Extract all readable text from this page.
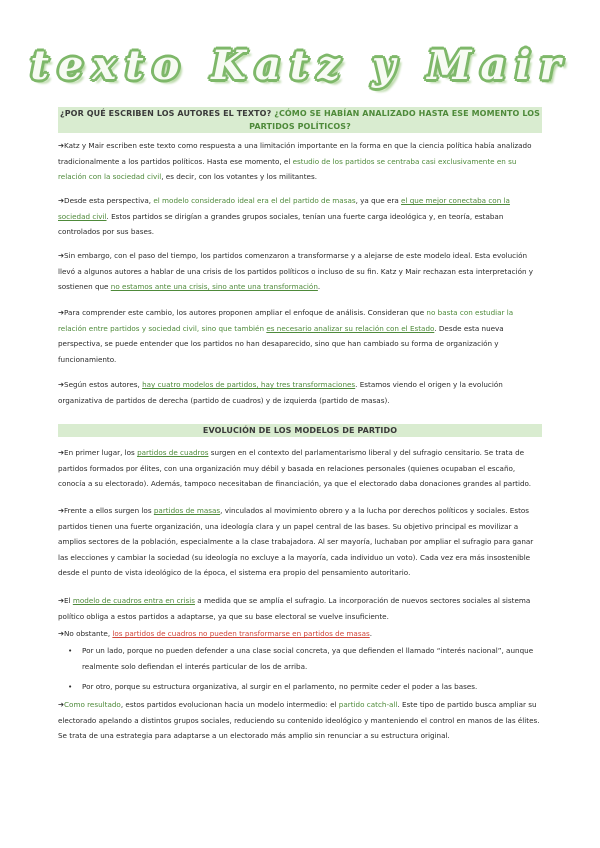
texto Katz y Mair
¿POR QUÉ ESCRIBEN LOS AUTORES EL TEXTO? ¿CÓMO SE HABÍAN ANALIZADO HASTA ESE MOMENTO LOS PARTIDOS POLÍTICOS?
➔Katz y Mair escriben este texto como respuesta a una limitación importante en la forma en que la ciencia política había analizado tradicionalmente a los partidos políticos. Hasta ese momento, el estudio de los partidos se centraba casi exclusivamente en su relación con la sociedad civil, es decir, con los votantes y los militantes.
➔Desde esta perspectiva, el modelo considerado ideal era el del partido de masas, ya que era el que mejor conectaba con la sociedad civil. Estos partidos se dirigían a grandes grupos sociales, tenían una fuerte carga ideológica y, en teoría, estaban controlados por sus bases.
➔Sin embargo, con el paso del tiempo, los partidos comenzaron a transformarse y a alejarse de este modelo ideal. Esta evolución llevó a algunos autores a hablar de una crisis de los partidos políticos o incluso de su fin. Katz y Mair rechazan esta interpretación y sostienen que no estamos ante una crisis, sino ante una transformación.
➔Para comprender este cambio, los autores proponen ampliar el enfoque de análisis. Consideran que no basta con estudiar la relación entre partidos y sociedad civil, sino que también es necesario analizar su relación con el Estado. Desde esta nueva perspectiva, se puede entender que los partidos no han desaparecido, sino que han cambiado su forma de organización y funcionamiento.
➔Según estos autores, hay cuatro modelos de partidos, hay tres transformaciones. Estamos viendo el origen y la evolución organizativa de partidos de derecha (partido de cuadros) y de izquierda (partido de masas).
EVOLUCIÓN DE LOS MODELOS DE PARTIDO
➔En primer lugar, los partidos de cuadros surgen en el contexto del parlamentarismo liberal y del sufragio censitario. Se trata de partidos formados por élites, con una organización muy débil y basada en relaciones personales (quienes ocupaban el escaño, conocía a su electorado). Además, tampoco necesitaban de financiación, ya que el electorado daba donaciones grandes al partido.
➔Frente a ellos surgen los partidos de masas, vinculados al movimiento obrero y a la lucha por derechos políticos y sociales. Estos partidos tienen una fuerte organización, una ideología clara y un papel central de las bases. Su objetivo principal es movilizar a amplios sectores de la población, especialmente a la clase trabajadora. Al ser mayoría, luchaban por ampliar el sufragio para ganar las elecciones y cambiar la sociedad (su ideología no excluye a la mayoría, cada individuo un voto). Cada vez era más insostenible desde el punto de vista ideológico de la época, el sistema era propio del pensamiento autoritario.
➔El modelo de cuadros entra en crisis a medida que se amplía el sufragio. La incorporación de nuevos sectores sociales al sistema político obliga a estos partidos a adaptarse, ya que su base electoral se vuelve insuficiente.
➔No obstante, los partidos de cuadros no pueden transformarse en partidos de masas.
• Por un lado, porque no pueden defender a una clase social concreta, ya que defienden el llamado “interés nacional”, aunque realmente solo defiendan el interés particular de los de arriba.
• Por otro, porque su estructura organizativa, al surgir en el parlamento, no permite ceder el poder a las bases.
➔Como resultado, estos partidos evolucionan hacia un modelo intermedio: el partido catch-all. Este tipo de partido busca ampliar su electorado apelando a distintos grupos sociales, reduciendo su contenido ideológico y manteniendo el control en manos de las élites. Se trata de una estrategia para adaptarse a un electorado más amplio sin renunciar a su estructura original.
